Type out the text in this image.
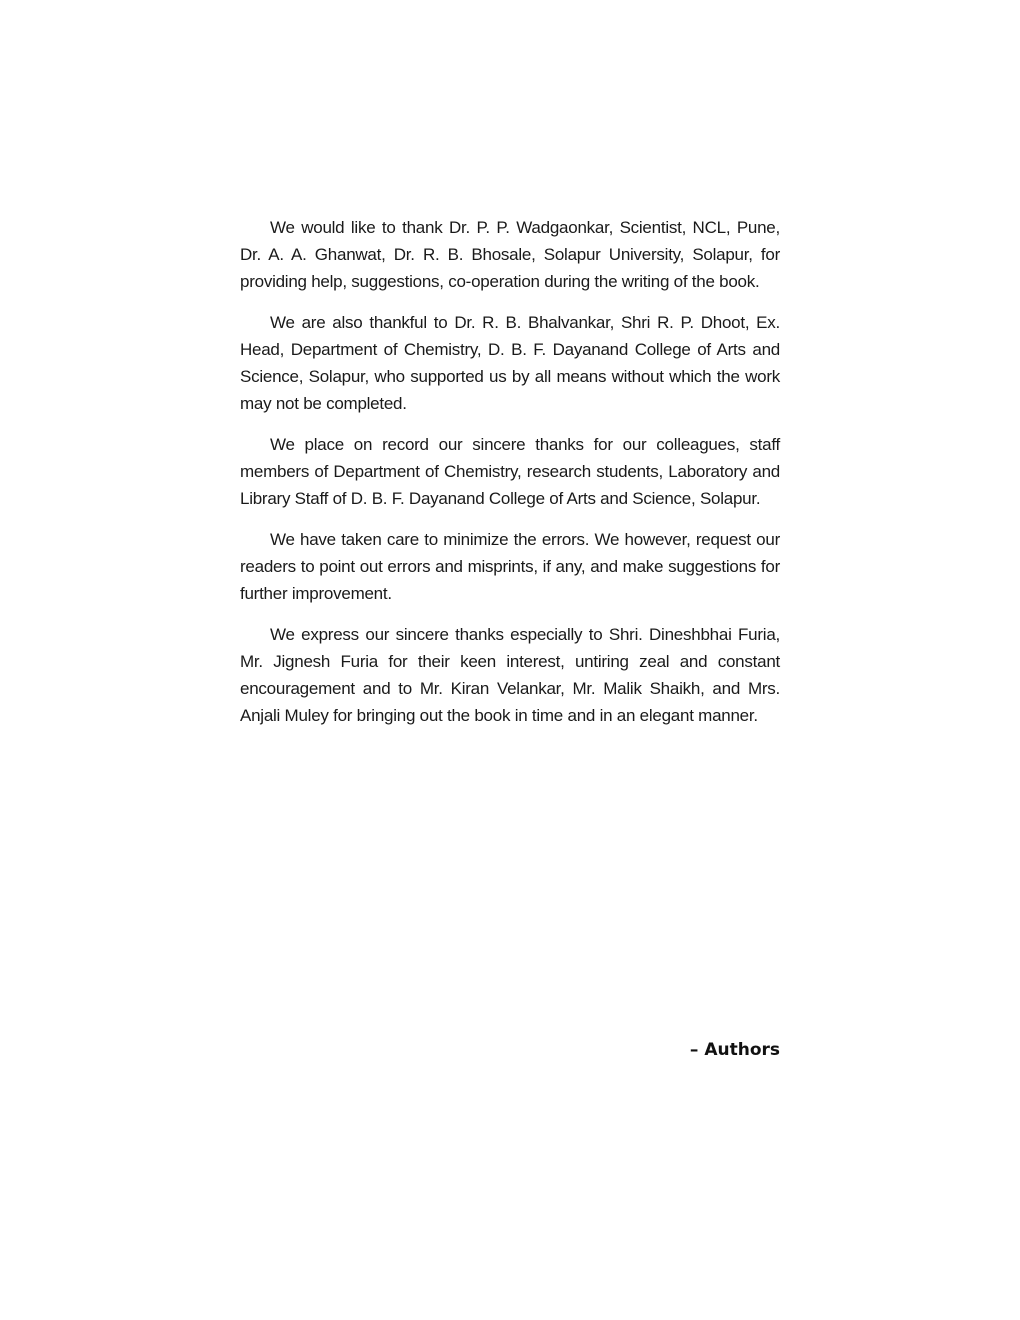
We would like to thank Dr. P. P. Wadgaonkar, Scientist, NCL, Pune, Dr. A. A. Ghanwat, Dr. R. B. Bhosale, Solapur University, Solapur, for providing help, suggestions, co-operation during the writing of the book.

We are also thankful to Dr. R. B. Bhalvankar, Shri R. P. Dhoot, Ex. Head, Department of Chemistry, D. B. F. Dayanand College of Arts and Science, Solapur, who supported us by all means without which the work may not be completed.

We place on record our sincere thanks for our colleagues, staff members of Department of Chemistry, research students, Laboratory and Library Staff of D. B. F. Dayanand College of Arts and Science, Solapur.

We have taken care to minimize the errors. We however, request our readers to point out errors and misprints, if any, and make suggestions for further improvement.

We express our sincere thanks especially to Shri. Dineshbhai Furia, Mr. Jignesh Furia for their keen interest, untiring zeal and constant encouragement and to Mr. Kiran Velankar, Mr. Malik Shaikh, and Mrs. Anjali Muley for bringing out the book in time and in an elegant manner.

– Authors
